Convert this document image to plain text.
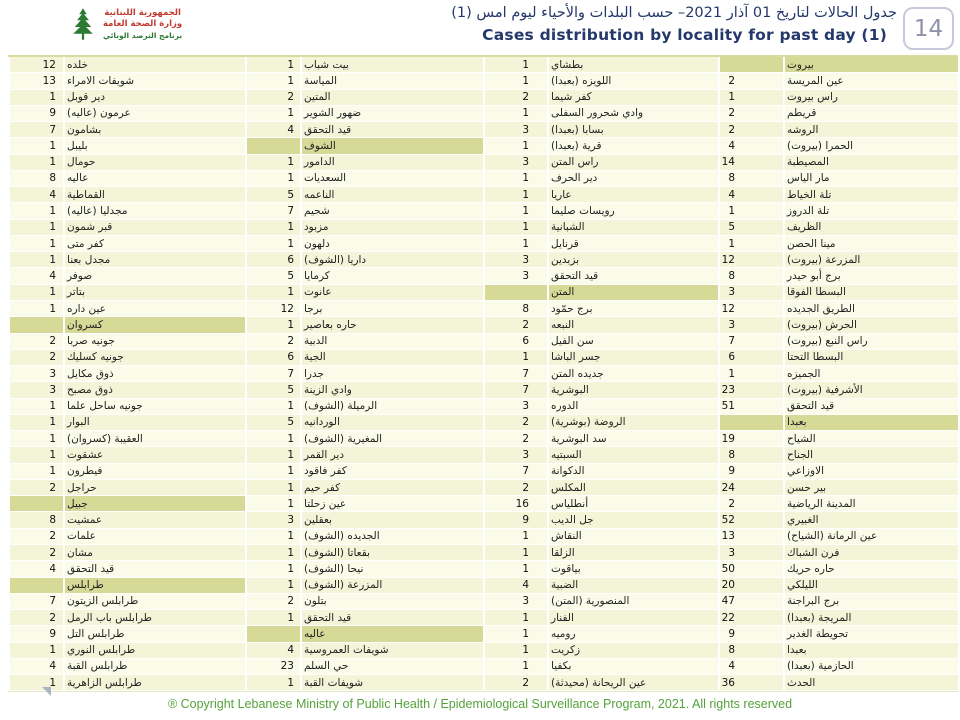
الجمهورية اللبنانية
وزارة الصحة العامة
برنامج الترصد الوبائي
جدول الحالات لتاريخ 01 آذار 2021– حسب البلدات والأحياء ليوم امس (1)
Cases distribution by locality for past day (1)	14
بيروت
بطشاي
1
بيت شباب
1
خلده
12
عين المريسة
2
اللويزه (بعبدا)
1
المياسة
1
شويفات الامراء
13
راس بيروت
1
كفر شيما
2
المتين
2
دير قوبل
1
قريطم
2
وادي شحرور السفلى
1
ضهور الشوير
1
عرمون (عاليه)
9
الروشه
2
بسابا (بعبدا)
3
قيد التحقق
4
بشامون
7
الحمرا (بيروت)
4
قرية (بعبدا)
1
الشوف
بليبل
1
المصيطبة
14
راس المتن
3
الدامور
1
حومال
1
مار الياس
8
دير الحرف
1
السعديات
1
عاليه
8
تلة الخياط
4
عاريا
1
الناعمه
5
القماطية
4
تلة الدروز
1
رويسات صليما
1
شحيم
7
مجدليا (عاليه)
1
الظريف
5
الشبانية
1
مزبود
1
قبر شمون
1
مينا الحصن
1
قرنايل
1
دلهون
1
كفر متى
1
المزرعة (بيروت)
12
بزبدين
3
داريا (الشوف)
6
مجدل بعنا
1
برج أبو حيدر
8
قيد التحقق
3
كرمايا
5
صوفر
4
البسطا الفوقا
3
المتن
عانوت
1
بتاتر
1
الطريق الجديده
12
برج حمّود
8
برجا
12
عين داره
1
الحرش (بيروت)
3
النبعه
2
حاره بعاصير
1
كسروان
راس النبع (بيروت)
7
سن الفيل
6
الدبية
2
جونيه صربا
2
البسطا التحتا
6
جسر الباشا
1
الجية
6
جونيه كسليك
2
الجميزه
1
جديده المتن
7
جدرا
7
ذوق مكايل
3
الأشرفية (بيروت)
23
البوشرية
7
وادي الزينة
5
ذوق مصبح
3
قيد التحقق
51
الدوره
3
الرميلة (الشوف)
1
جونيه ساحل علما
1
بعبدا
الروضة (بوشرية)
2
الوردانيه
5
البوار
1
الشياح
19
سد البوشرية
2
المغيرية (الشوف)
1
العقيبة (كسروان)
1
الجناح
8
السبتيه
3
دير القمر
1
عشقوت
1
الاوزاعي
9
الدكوانة
7
كفر فاقود
1
فيطرون
1
بير حسن
24
المكلس
2
كفر حيم
1
حراجل
2
المدينة الرياضية
2
أنطلياس
16
عين زحلتا
1
جبيل
الغبيري
52
جل الديب
9
بعقلين
3
عمشيت
8
عين الرمانة (الشياح)
13
النقاش
1
الجديده (الشوف)
1
علمات
2
فرن الشباك
3
الزلقا
1
بقعاتا (الشوف)
1
مشان
2
حاره حريك
50
بياقوت
1
نيحا (الشوف)
1
قيد التحقق
4
الليلكي
20
الضبية
4
المزرعة (الشوف)
1
طرابلس
برج البراجنة
47
المنصورية (المتن)
3
بتلون
2
طرابلس الزيتون
7
المريجة (بعبدا)
22
الفنار
1
قيد التحقق
1
طرابلس باب الرمل
2
تحويطة الغدير
9
روميه
1
عاليه
طرابلس التل
9
بعبدا
8
زكريت
1
شويفات العمروسية
4
طرابلس النوري
1
الحازمية (بعبدا)
4
بكفيا
1
حي السلم
23
طرابلس القبة
4
الحدث
36
عين الريحانة (محيدثة)
2
شويفات القبة
1
طرابلس الزاهرية
1
® Copyright Lebanese Ministry of Public Health / Epidemiological Surveillance Program, 2021. All rights reserved
